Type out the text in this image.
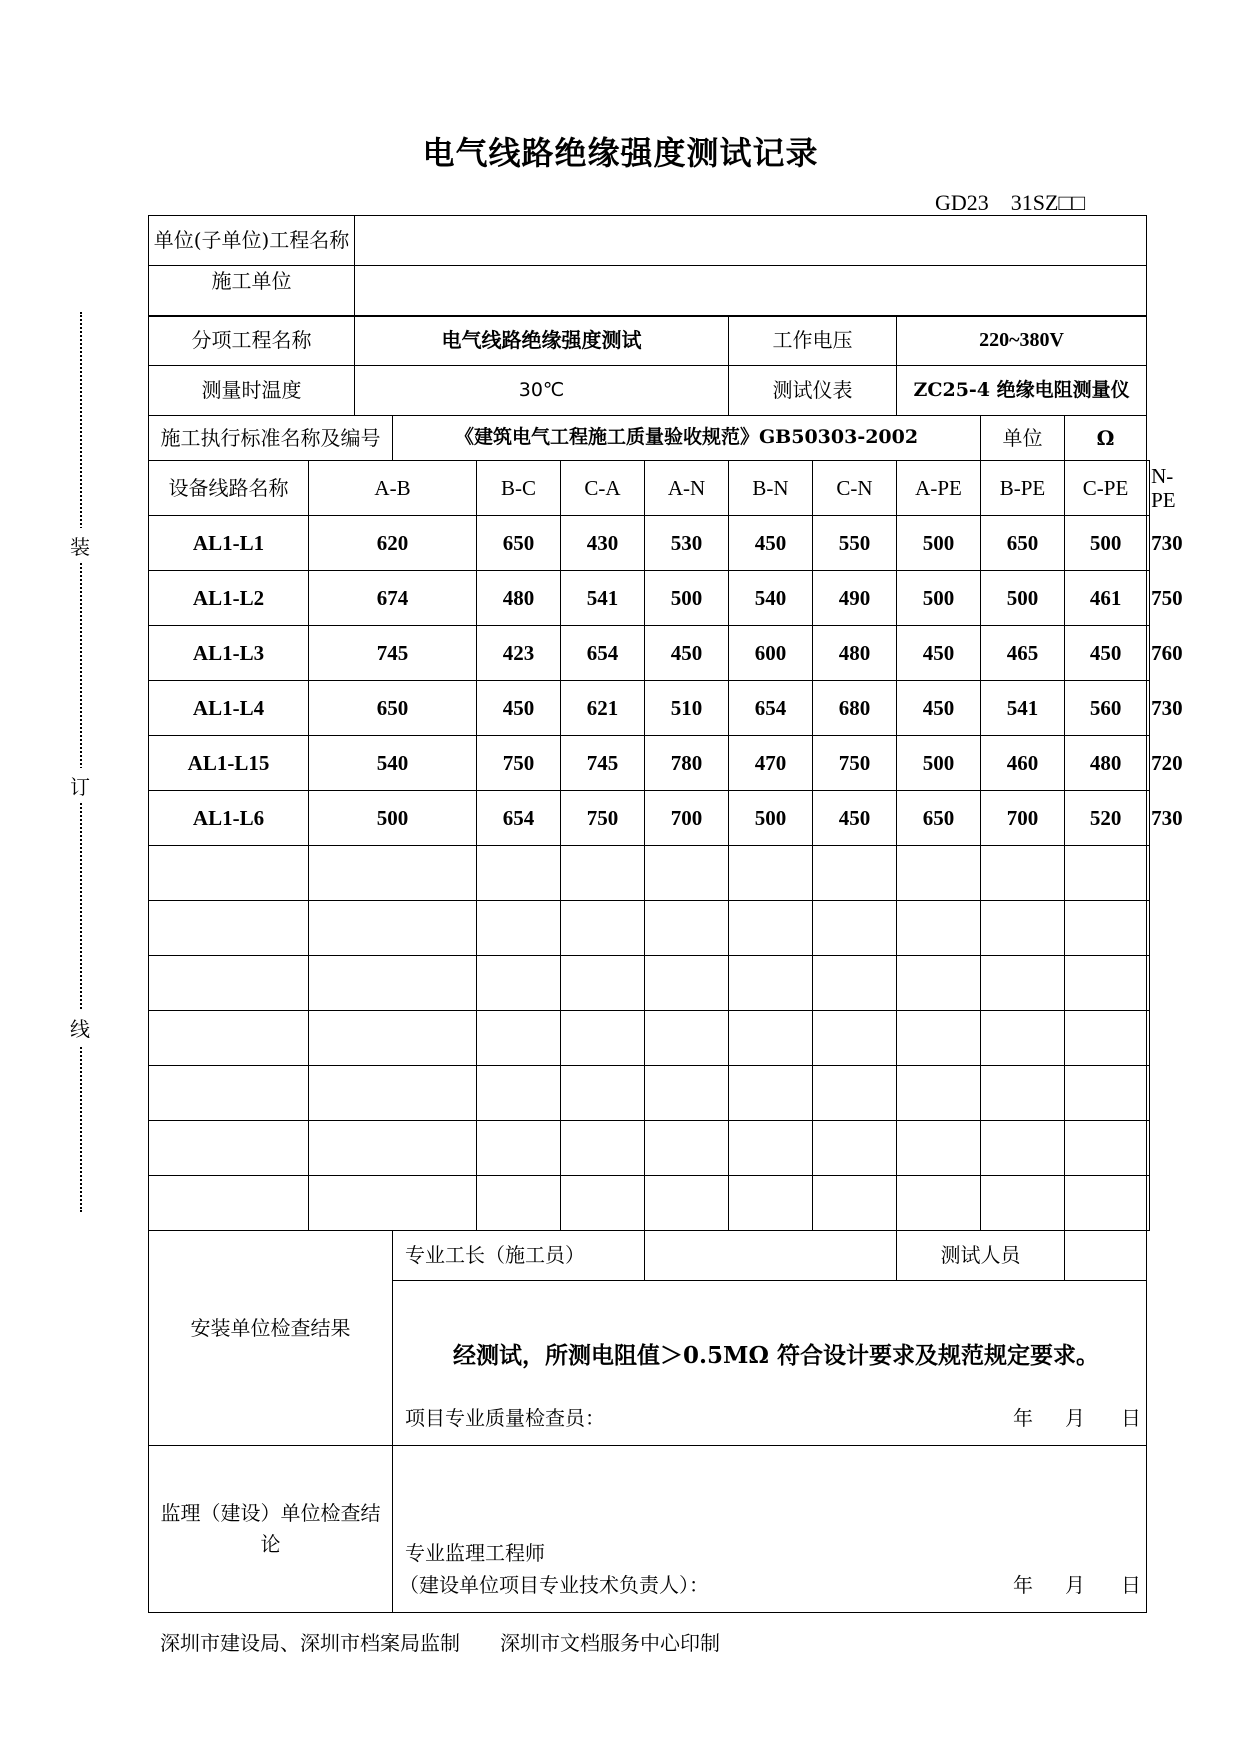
电气线路绝缘强度测试记录
GD23　31SZ□□
装
订
线
单位(子单位)工程名称												
施工单位												
分项工程名称		电气线路绝缘强度测试					工作电压		220~380V			
测量时温度		30℃					测试仪表		ZC25-4 绝缘电阻测量仪			
施工执行标准名称及编号			《建筑电气工程施工质量验收规范》GB50303-2002							单位	Ω	
设备线路名称	A-B			B-C	C-A	A-N	B-N	C-N	A-PE	B-PE	C-PE	N-PE
AL1-L1	620			650	430	530	450	550	500	650	500	730
AL1-L2	674			480	541	500	540	490	500	500	461	750
AL1-L3	745			423	654	450	600	480	450	465	450	760
AL1-L4	650			450	621	510	654	680	450	541	560	730
AL1-L15	540			750	745	780	470	750	500	460	480	720
AL1-L6	500			654	750	700	500	450	650	700	520	730

安装单位检查结果			专业工长（施工员）						测试人员			

			经测试，所测电阻值＞0.5MΩ 符合设计要求及规范规定要求。
项目专业质量检查员： 年 月 日									

监理（建设）单位检查结论			专业监理工程师
（建设单位项目专业技术负责人）： 年 月 日									
深圳市建设局、深圳市档案局监制　　深圳市文档服务中心印制
